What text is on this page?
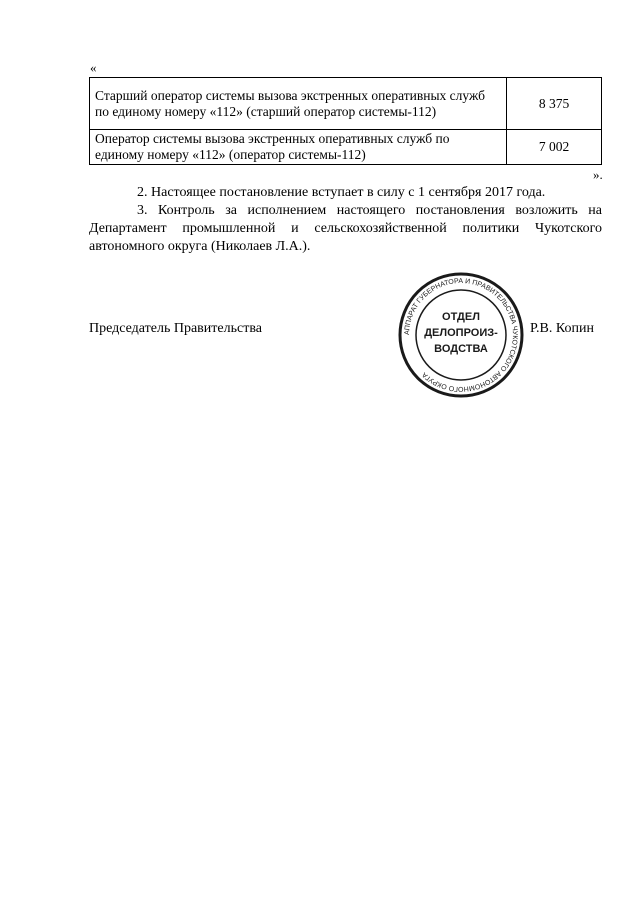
«
Старший оператор системы вызова экстренных оперативных служб по единому номеру «112» (старший оператор системы-112)	8 375
Оператор системы вызова экстренных оперативных служб по единому номеру «112» (оператор системы-112)	7 002
».

2. Настоящее постановление вступает в силу с 1 сентября 2017 года.

3. Контроль за исполнением настоящего постановления возложить на Департамент промышленной и сельскохозяйственной политики Чукотского автономного округа (Николаев Л.А.).

Председатель Правительства	АППАРАТ ГУБЕРНАТОРА И ПРАВИТЕЛЬСТВА ЧУКОТСКОГО АВТОНОМНОГО ОКРУГА
ОТДЕЛ
ДЕЛОПРОИЗ-
ВОДСТВА
Р.В. Копин
